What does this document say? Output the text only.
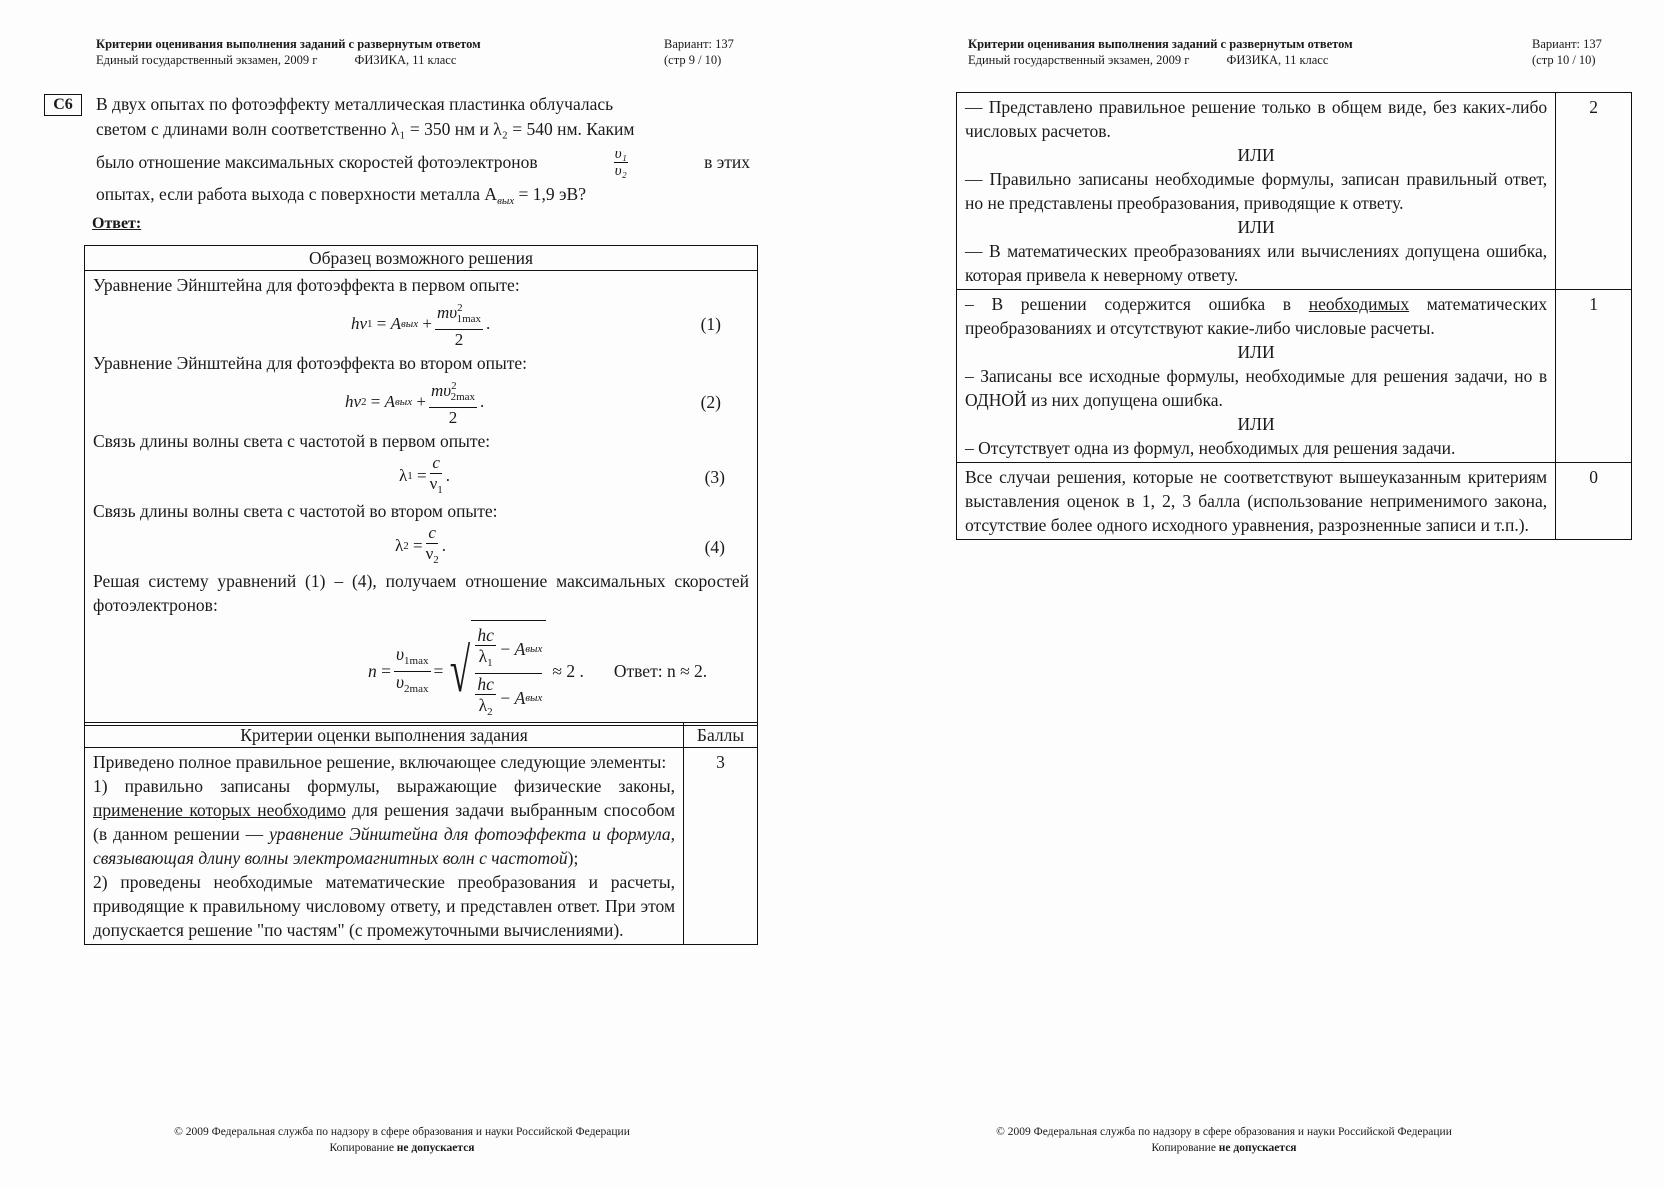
Критерии оценивания выполнения заданий с развернутым ответом
Единый государственный экзамен, 2009 г	ФИЗИКА, 11 класс
Вариант: 137
(стр 9 / 10)
С6	В двух опытах по фотоэффекту металлическая пластинка облучалась
светом с длинами волн соответственно λ₁ = 350 нм и λ₂ = 540 нм. Каким
было отношение максимальных скоростей фотоэлектронов	$\frac{\text{υ₁}}{\text{υ₂}}$	в этих
опытах, если работа выхода с поверхности металла $A_{вых} = 1,9$ эВ?
Ответ:
Образец возможного решения

Уравнение Эйнштейна для фотоэффекта в первом опыте:
hν 1 = A вых +
$m\upsilon^2_{1max}$
2
.	(1)
Уравнение Эйнштейна для фотоэффекта во втором опыте:
hν 2 = A вых +
$m\upsilon^2_{2max}$
2
.	(2)
Связь длины волны света с частотой в первом опыте:
λ $1 = \frac{c}{\nu_1}$ .	(3)
Связь длины волны света с частотой во втором опыте:
λ $2 = \frac{c}{\nu_2}$ .	(4)
Решая систему уравнений (1) – (4), получаем отношение максимальных скоростей фотоэлектронов:
n =
$\upsilon_{1max}$
$\upsilon_{2max}$
= √
hc
$\lambda_1$
− A вых
hc
$\lambda_2$
− A вых
≈ 2 . Ответ: n ≈ 2.
Критерии оценки выполнения задания	Баллы

Приведено полное правильное решение, включающее следующие элементы:
1) правильно записаны формулы, выражающие физические законы, применение которых необходимо для решения задачи выбранным способом (в данном решении — уравнение Эйнштейна для фотоэффекта и формула, связывающая длину волны электромагнитных волн с частотой);
2) проведены необходимые математические преобразования и расчеты, приводящие к правильному числовому ответу, и представлен ответ. При этом допускается решение "по частям" (с промежуточными вычислениями).	3
© 2009 Федеральная служба по надзору в сфере образования и науки Российской Федерации
Копирование не допускается
Критерии оценивания выполнения заданий с развернутым ответом
Единый государственный экзамен, 2009 г	ФИЗИКА, 11 класс
Вариант: 137
(стр 10 / 10)
— Представлено правильное решение только в общем виде, без каких-либо числовых расчетов.
ИЛИ
— Правильно записаны необходимые формулы, записан правильный ответ, но не представлены преобразования, приводящие к ответу.
ИЛИ
— В математических преобразованиях или вычислениях допущена ошибка, которая привела к неверному ответу.	2

– В решении содержится ошибка в необходимых математических преобразованиях и отсутствуют какие-либо числовые расчеты.
ИЛИ
– Записаны все исходные формулы, необходимые для решения задачи, но в ОДНОЙ из них допущена ошибка.
ИЛИ
– Отсутствует одна из формул, необходимых для решения задачи.	1
Все случаи решения, которые не соответствуют вышеуказанным критериям выставления оценок в 1, 2, 3 балла (использование неприменимого закона, отсутствие более одного исходного уравнения, разрозненные записи и т.п.).	0
© 2009 Федеральная служба по надзору в сфере образования и науки Российской Федерации
Копирование не допускается
